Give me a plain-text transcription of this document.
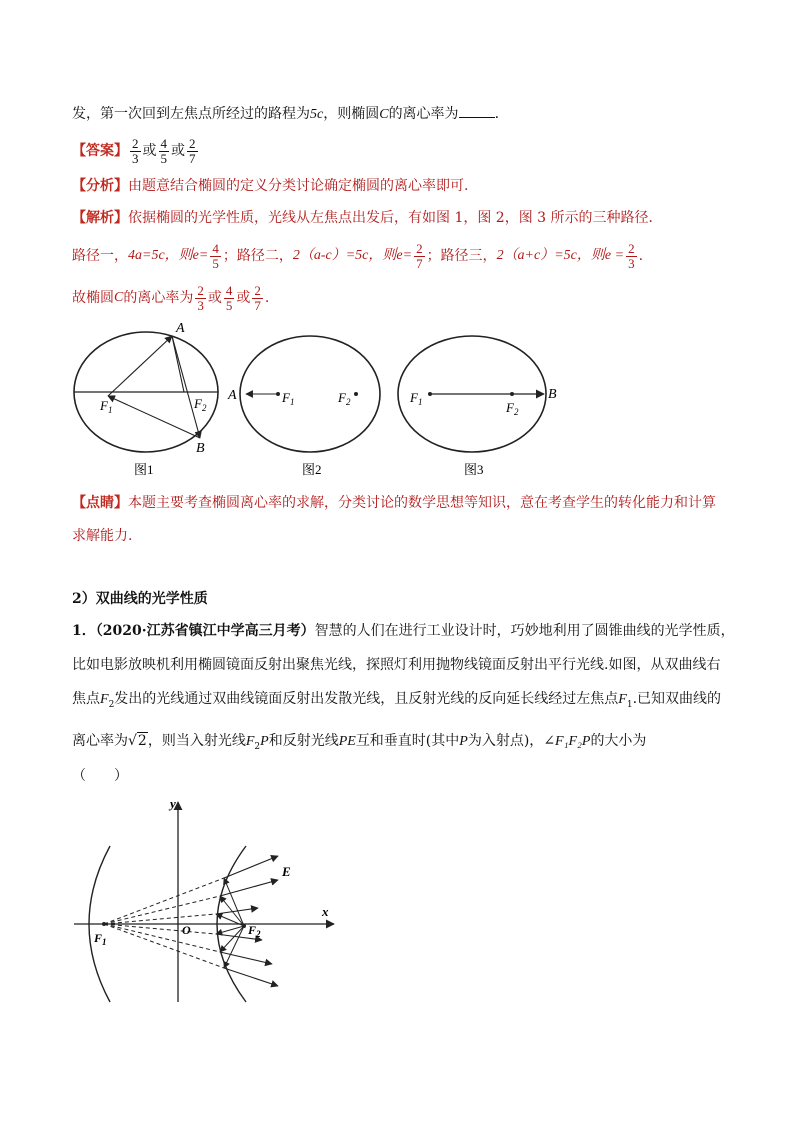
发，第一次回到左焦点所经过的路程为5c，则椭圆C的离心率为	.
【答案】 $\frac{2}{3}$ 或 $\frac{4}{5}$ 或 $\frac{2}{7}$
【分析】由题意结合椭圆的定义分类讨论确定椭圆的离心率即可.
【解析】依据椭圆的光学性质，光线从左焦点出发后，有如图 1，图 2，图 3 所示的三种路径．
路径一， 4a=5c，则 $e= \frac{4}{5}$ ；路径二， 2（a-c）=5c，则 $e= \frac{2}{7}$ ；路径三， 2（a+c）=5c，则 $e = \frac{2}{3}$ .
故椭圆 C 的离心率为 $\frac{2}{3}$ 或 $\frac{4}{5}$ 或 $\frac{2}{7}$ .
A
B
$F_1$	$F_2$
图1
A	$F_1$	$F_2$
图2
$F_1$	$F_2$
B
图3
【点睛】本题主要考查椭圆离心率的求解，分类讨论的数学思想等知识，意在考查学生的转化能力和计算
求解能力.
2）双曲线的光学性质
1．（2020·江苏省镇江中学高三月考）智慧的人们在进行工业设计时，巧妙地利用了圆锥曲线的光学性质，
比如电影放映机利用椭圆镜面反射出聚焦光线，探照灯利用抛物线镜面反射出平行光线.如图，从双曲线右
焦点$F_2$发出的光线通过双曲线镜面反射出发散光线，且反射光线的反向延长线经过左焦点$F_1$.已知双曲线的
离心率为√2，则当入射光线$F_2P$和反射光线PE互和垂直时(其中P为入射点)，∠F₁F₂P的大小为
（　　）
y
x
O
E
$F_1$
$F_2$
